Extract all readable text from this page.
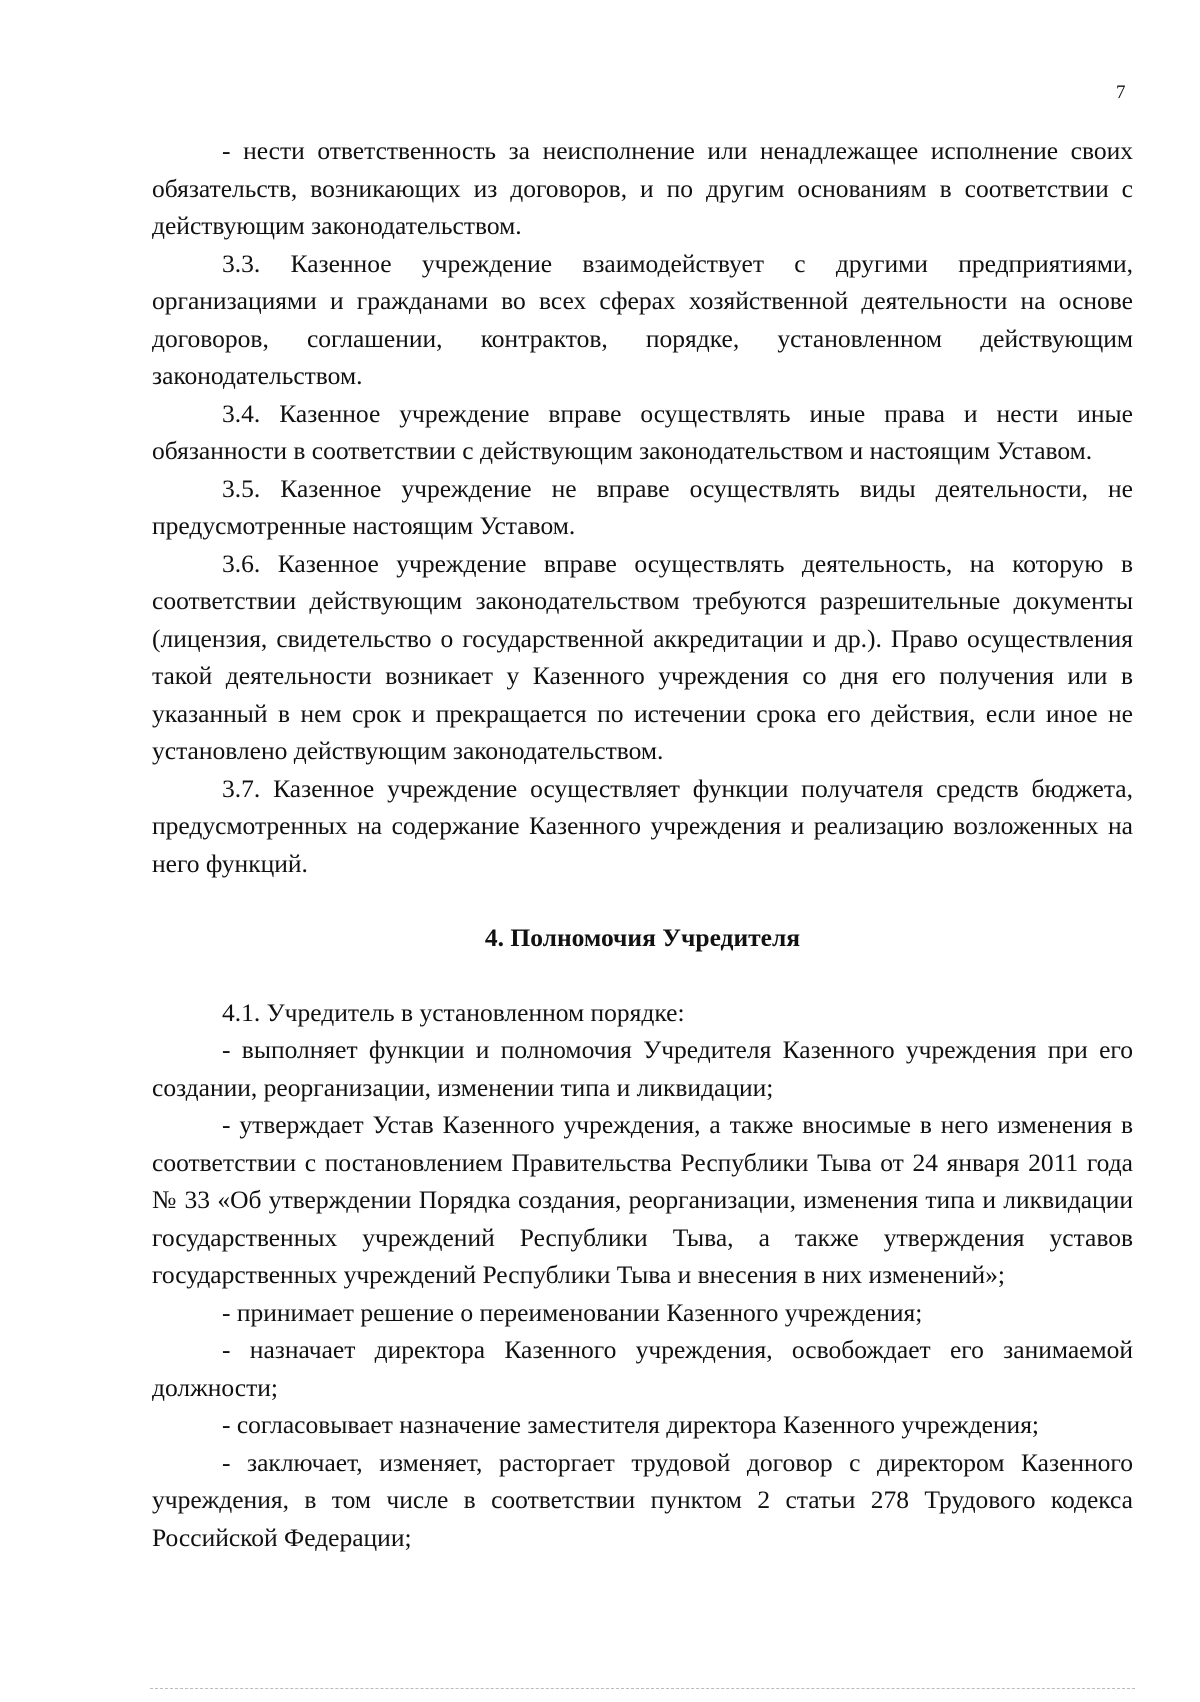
7

- нести ответственность за неисполнение или ненадлежащее исполнение своих обязательств, возникающих из договоров, и по другим основаниям в соответствии с действующим законодательством.

3.3. Казенное учреждение взаимодействует с другими предприятиями, организациями и гражданами во всех сферах хозяйственной деятельности на основе договоров, соглашении, контрактов, порядке, установленном действующим законодательством.

3.4. Казенное учреждение вправе осуществлять иные права и нести иные обязанности в соответствии с действующим законодательством и настоящим Уставом.

3.5. Казенное учреждение не вправе осуществлять виды деятельности, не предусмотренные настоящим Уставом.

3.6. Казенное учреждение вправе осуществлять деятельность, на которую в соответствии действующим законодательством требуются разрешительные документы (лицензия, свидетельство о государственной аккредитации и др.). Право осуществления такой деятельности возникает у Казенного учреждения со дня его получения или в указанный в нем срок и прекращается по истечении срока его действия, если иное не установлено действующим законодательством.

3.7. Казенное учреждение осуществляет функции получателя средств бюджета, предусмотренных на содержание Казенного учреждения и реализацию возложенных на него функций.

4. Полномочия Учредителя

4.1. Учредитель в установленном порядке:

- выполняет функции и полномочия Учредителя Казенного учреждения при его создании, реорганизации, изменении типа и ликвидации;

- утверждает Устав Казенного учреждения, а также вносимые в него изменения в соответствии с постановлением Правительства Республики Тыва от 24 января 2011 года № 33 «Об утверждении Порядка создания, реорганизации, изменения типа и ликвидации государственных учреждений Республики Тыва, а также утверждения уставов государственных учреждений Республики Тыва и внесения в них изменений»;

- принимает решение о переименовании Казенного учреждения;

- назначает директора Казенного учреждения, освобождает его занимаемой должности;

- согласовывает назначение заместителя директора Казенного учреждения;

- заключает, изменяет, расторгает трудовой договор с директором Казенного учреждения, в том числе в соответствии пунктом 2 статьи 278 Трудового кодекса Российской Федерации;
